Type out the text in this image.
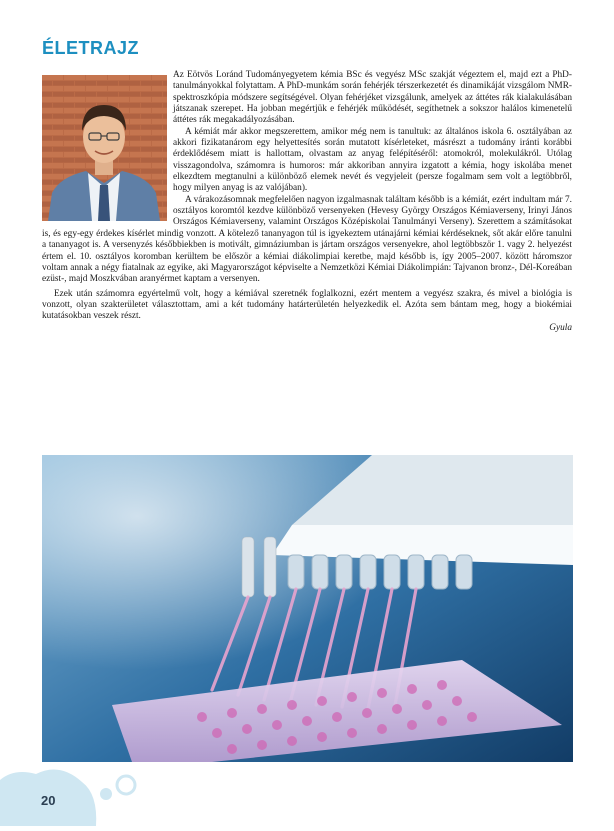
ÉLETRAJZ

Az Eötvös Loránd Tudományegyetem kémia BSc és vegyész MSc szakját végeztem el, majd ezt a PhD-tanulmányokkal folytattam. A PhD-munkám során fehérjék térszerkezetét és dinamikáját vizsgálom NMR-spektroszkópia módszere segítségével. Olyan fehérjéket vizsgálunk, amelyek az áttétes rák kialakulásában játszanak szerepet. Ha jobban megértjük e fehérjék működését, segíthetnek a sokszor halálos kimenetelű áttétes rák megakadályozásában.

A kémiát már akkor megszerettem, amikor még nem is tanultuk: az általános iskola 6. osztályában az akkori fizikatanárom egy helyettesítés során mutatott kísérleteket, másrészt a tudomány iránti korábbi érdeklődésem miatt is hallottam, olvastam az anyag felépítéséről: atomokról, molekulákról. Utólag visszagondolva, számomra is humoros: már akkoriban annyira izgatott a kémia, hogy iskolába menet elkezdtem megtanulni a különböző elemek nevét és vegyjeleit (persze fogalmam sem volt a legtöbbről, hogy milyen anyag is az valójában).

A várakozásomnak megfelelően nagyon izgalmasnak találtam később is a kémiát, ezért indultam már 7. osztályos koromtól kezdve különböző versenyeken (Hevesy György Országos Kémiaverseny, Irinyi János Országos Kémiaverseny, valamint Országos Középiskolai Tanulmányi Verseny). Szerettem a számításokat is, és egy-egy érdekes kísérlet mindig vonzott. A kötelező tananyagon túl is igyekeztem utánajárni kémiai kérdéseknek, sőt akár előre tanulni a tananyagot is. A versenyzés későbbiekben is motivált, gimnáziumban is jártam országos versenyekre, ahol legtöbbször 1. vagy 2. helyezést értem el. 10. osztályos koromban kerültem be először a kémiai diákolimpiai keretbe, majd később is, így 2005–2007. között háromszor voltam annak a négy fiatalnak az egyike, aki Magyarországot képviselte a Nemzetközi Kémiai Diákolimpián: Tajvanon bronz-, Dél-Koreában ezüst-, majd Moszkvában aranyérmet kaptam a versenyen.

Ezek után számomra egyértelmű volt, hogy a kémiával szeretnék foglalkozni, ezért mentem a vegyész szakra, és mivel a biológia is vonzott, olyan szakterületet választottam, ami a két tudomány határterületén helyezkedik el. Azóta sem bántam meg, hogy a biokémiai kutatásokban veszek részt.

Gyula

20
